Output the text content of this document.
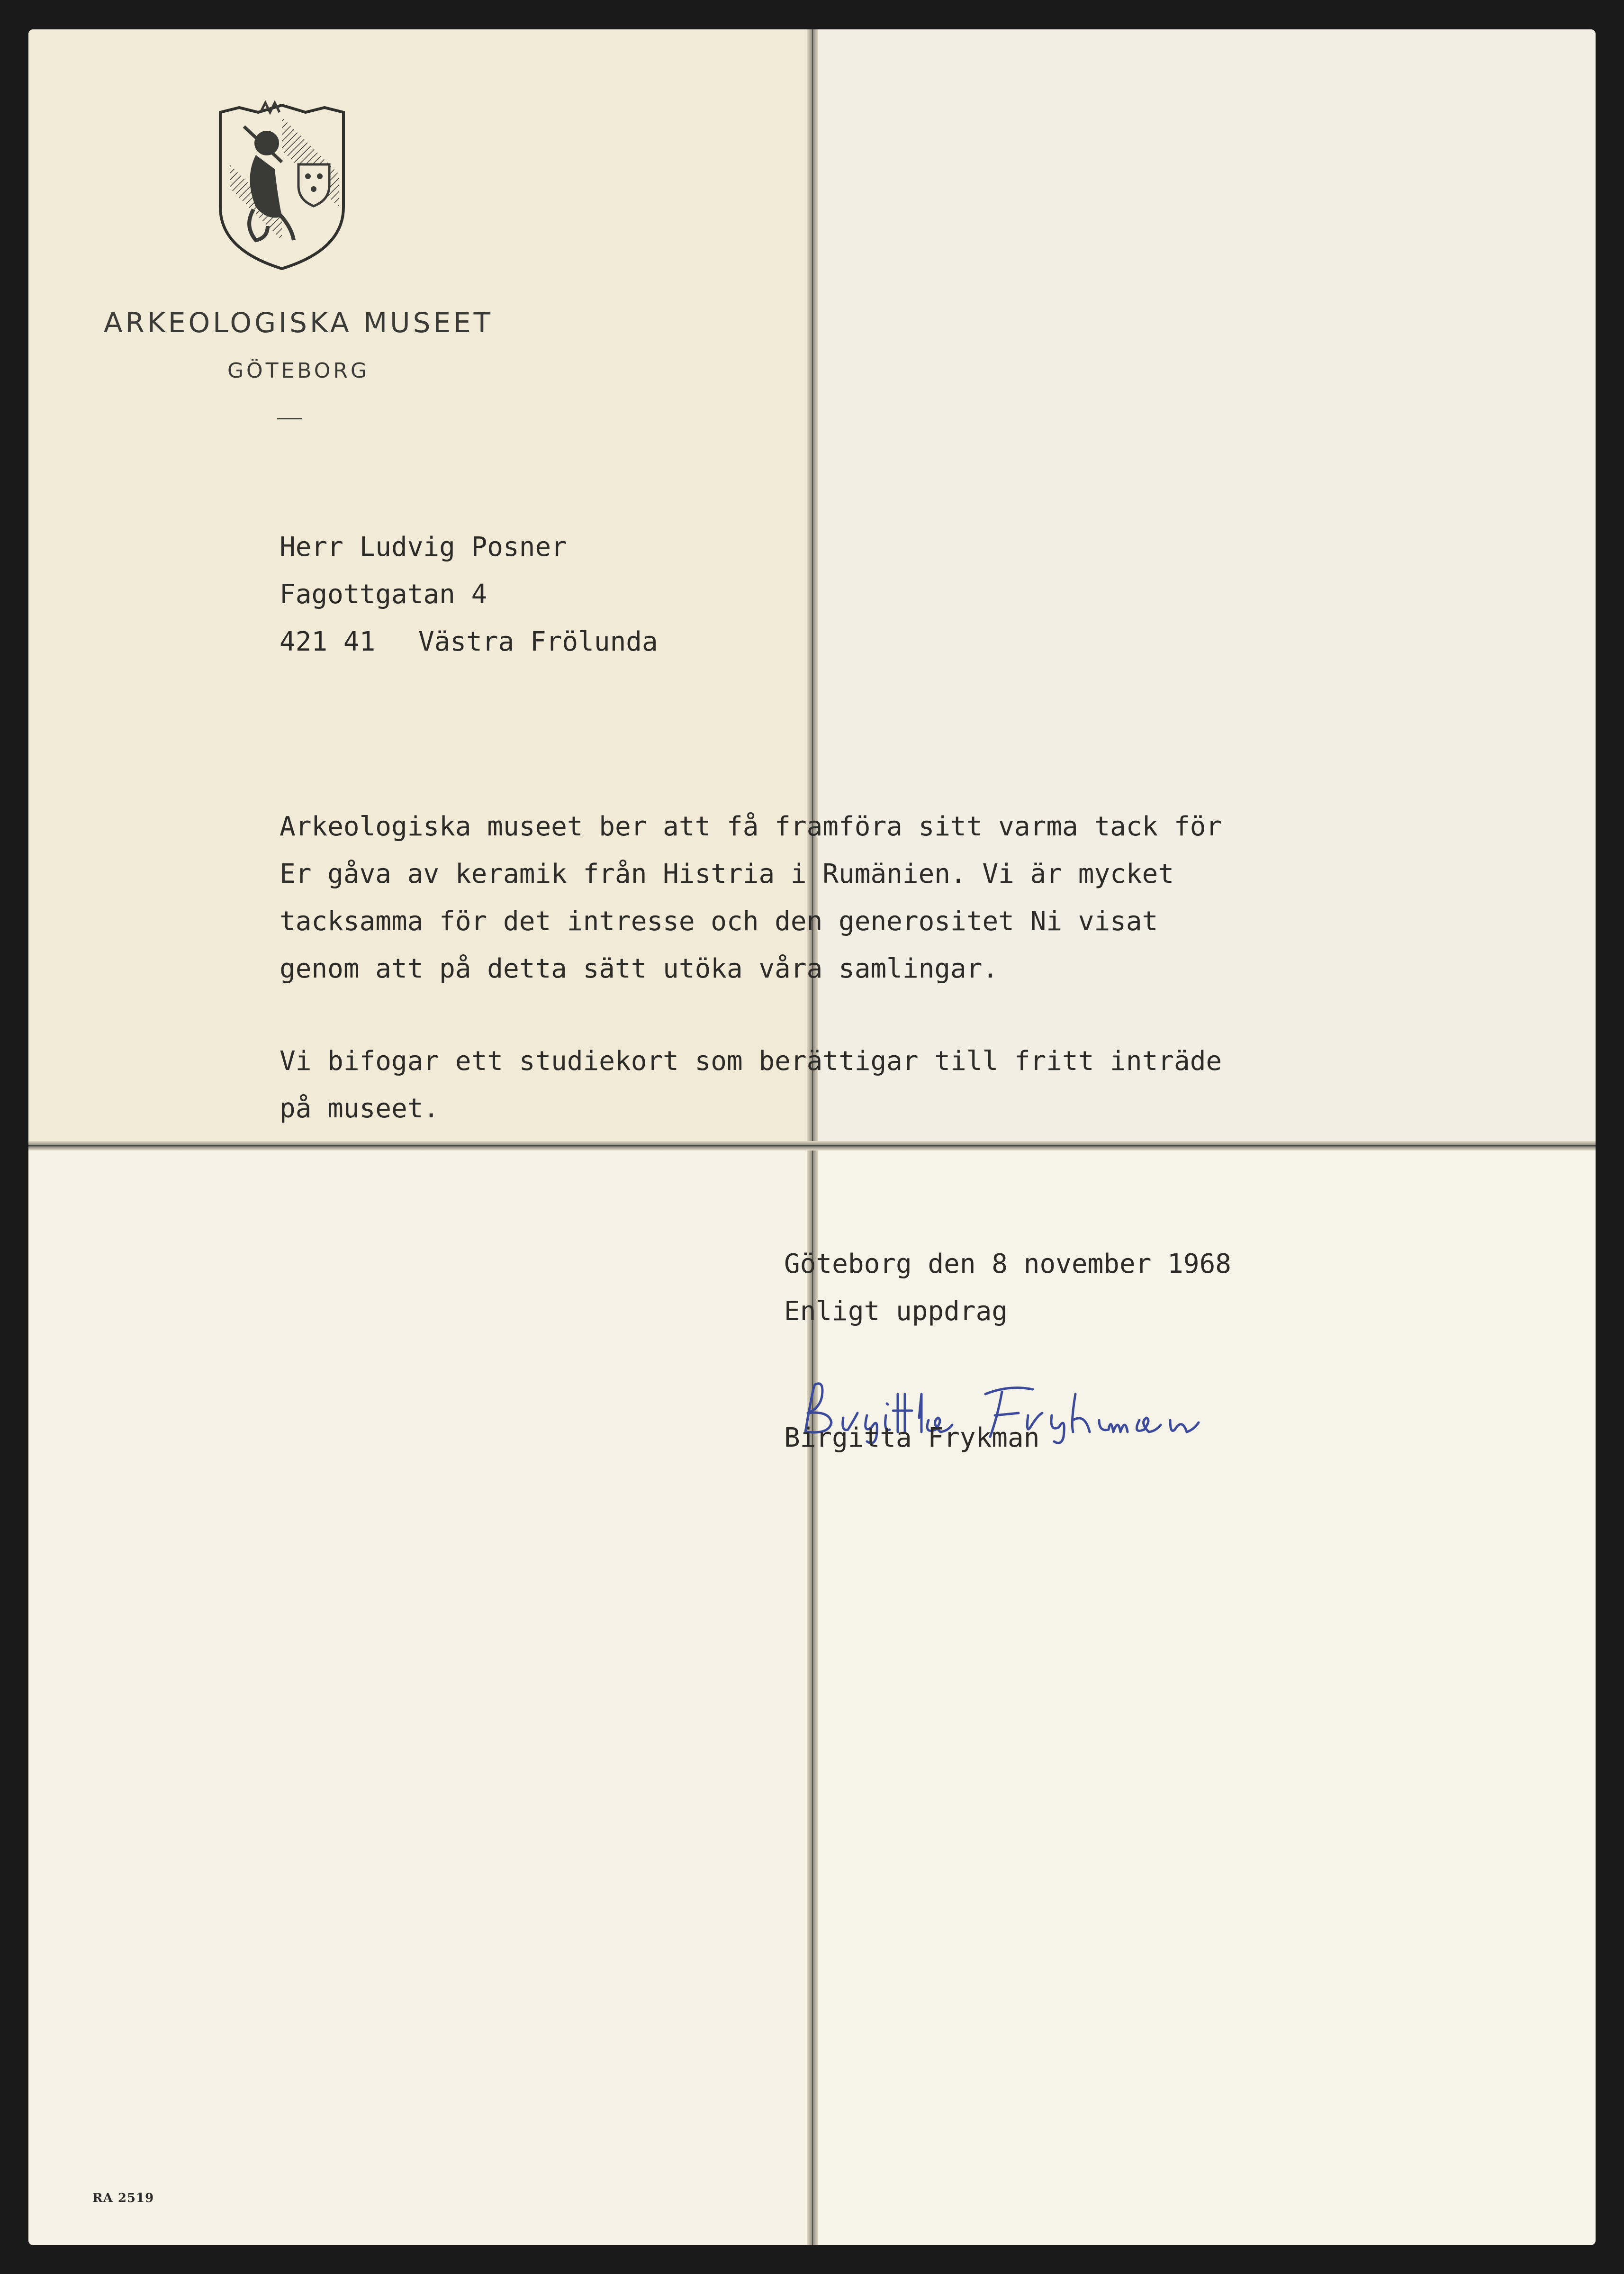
ARKEOLOGISKA MUSEET
GÖTEBORG
Herr Ludvig Posner
Fagottgatan 4
421 41 Västra Frölunda
Arkeologiska museet ber att få framföra sitt varma tack för
Er gåva av keramik från Histria i Rumänien. Vi är mycket
tacksamma för det intresse och den generositet Ni visat
genom att på detta sätt utöka våra samlingar.
Vi bifogar ett studiekort som berättigar till fritt inträde
på museet.
Göteborg den 8 november 1968
Enligt uppdrag
Birgitta Frykman
RA 2519
